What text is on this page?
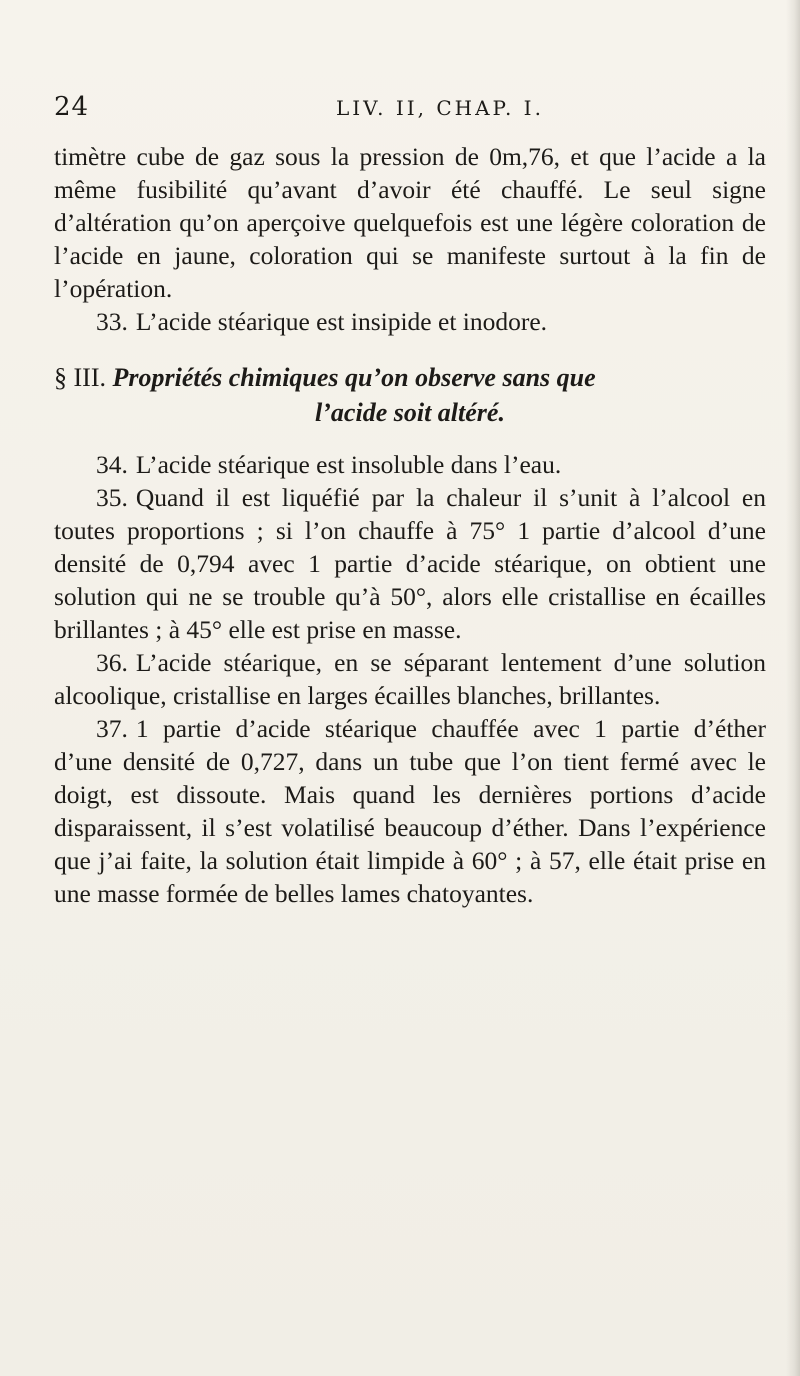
24	LIV. II, CHAP. I.

timètre cube de gaz sous la pression de 0m,76, et que l’acide a la même fusibilité qu’avant d’avoir été chauffé. Le seul signe d’altération qu’on aperçoive quelquefois est une légère coloration de l’acide en jaune, coloration qui se manifeste surtout à la fin de l’opération.

33. L’acide stéarique est insipide et inodore.

§ III. Propriétés chimiques qu’on observe sans que
l’acide soit altéré.

34. L’acide stéarique est insoluble dans l’eau.

35. Quand il est liquéfié par la chaleur il s’unit à l’alcool en toutes proportions ; si l’on chauffe à 75° 1 partie d’alcool d’une densité de 0,794 avec 1 partie d’acide stéarique, on obtient une solution qui ne se trouble qu’à 50°, alors elle cristallise en écailles brillantes ; à 45° elle est prise en masse.

36. L’acide stéarique, en se séparant lentement d’une solution alcoolique, cristallise en larges écailles blanches, brillantes.

37. 1 partie d’acide stéarique chauffée avec 1 partie d’éther d’une densité de 0,727, dans un tube que l’on tient fermé avec le doigt, est dissoute. Mais quand les dernières portions d’acide disparaissent, il s’est volatilisé beaucoup d’éther. Dans l’expérience que j’ai faite, la solution était limpide à 60° ; à 57, elle était prise en une masse formée de belles lames chatoyantes.
